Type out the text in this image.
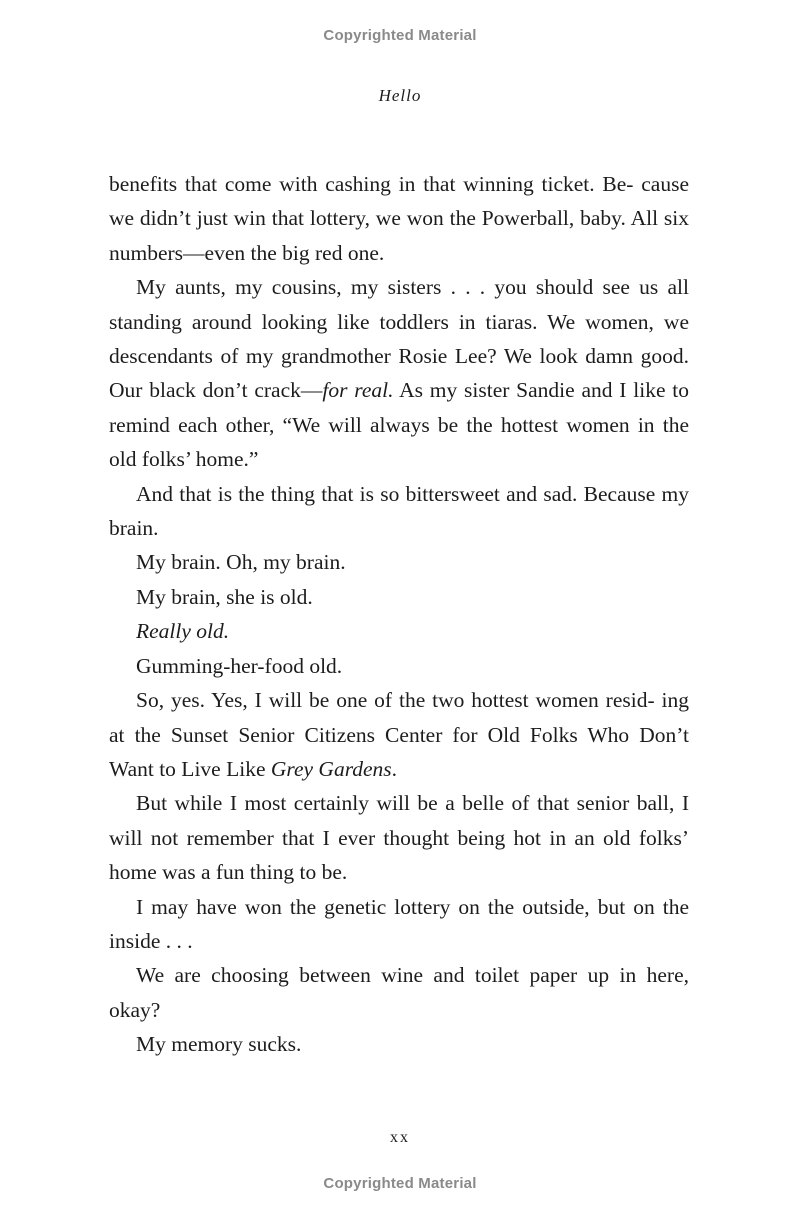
Copyrighted Material
Hello

benefits that come with cashing in that winning ticket. Be- cause we didn’t just win that lottery, we won the Powerball, baby. All six numbers—even the big red one.

My aunts, my cousins, my sisters . . . you should see us all standing around looking like toddlers in tiaras. We women, we descendants of my grandmother Rosie Lee? We look damn good. Our black don’t crack—for real. As my sister Sandie and I like to remind each other, “We will always be the hottest women in the old folks’ home.”

And that is the thing that is so bittersweet and sad. Because my brain.

My brain. Oh, my brain.

My brain, she is old.

Really old.

Gumming-her-food old.

So, yes. Yes, I will be one of the two hottest women resid- ing at the Sunset Senior Citizens Center for Old Folks Who Don’t Want to Live Like Grey Gardens.

But while I most certainly will be a belle of that senior ball, I will not remember that I ever thought being hot in an old folks’ home was a fun thing to be.

I may have won the genetic lottery on the outside, but on the inside . . .

We are choosing between wine and toilet paper up in here, okay?

My memory sucks.

xx
Copyrighted Material
